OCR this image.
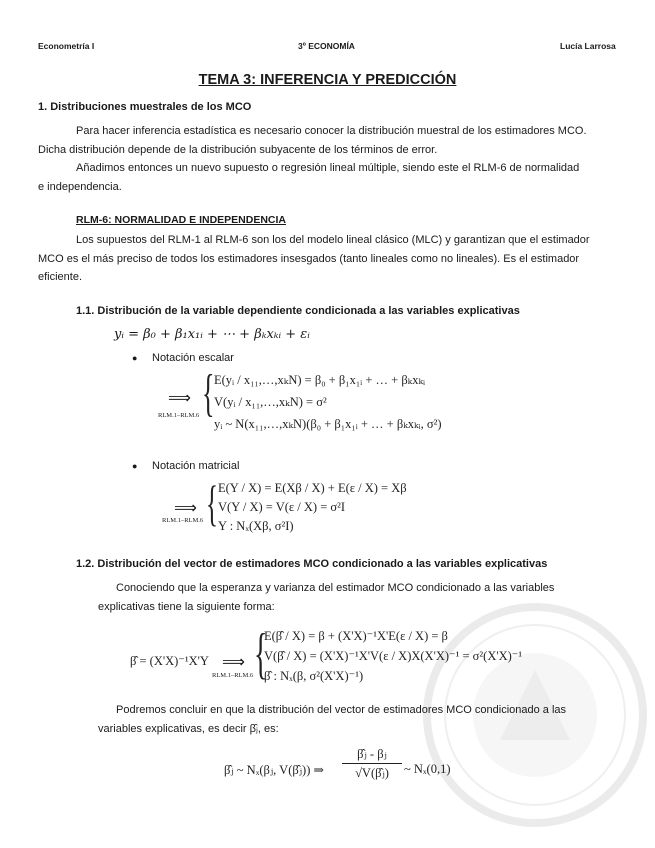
Econometría I	3º ECONOMÍA	Lucía Larrosa
TEMA 3: INFERENCIA Y PREDICCIÓN
1. Distribuciones muestrales de los MCO
Para hacer inferencia estadística es necesario conocer la distribución muestral de los estimadores MCO.
Dicha distribución depende de la distribución subyacente de los términos de error.
Añadimos entonces un nuevo supuesto o regresión lineal múltiple, siendo este el RLM-6 de normalidad
e independencia.
RLM-6: NORMALIDAD E INDEPENDENCIA
Los supuestos del RLM-1 al RLM-6 son los del modelo lineal clásico (MLC) y garantizan que el estimador
MCO es el más preciso de todos los estimadores insesgados (tanto lineales como no lineales). Es el estimador
eficiente.
1.1. Distribución de la variable dependiente condicionada a las variables explicativas
yᵢ = β₀ + β₁x₁ᵢ + ⋯ + βₖxₖᵢ + εᵢ
● Notación escalar
⟹
RLM.1–RLM.6 { E(yᵢ / x₁₁,…,xₖN) = β₀ + β₁x₁ᵢ + … + βₖxₖᵢ
V(yᵢ / x₁₁,…,xₖN) = σ²
yᵢ ~ N(x₁₁,…,xₖN)(β₀ + β₁x₁ᵢ + … + βₖxₖᵢ, σ²)
● Notación matricial
⟹
RLM.1–RLM.6 { E(Y / X) = E(Xβ / X) + E(ε / X) = Xβ
V(Y / X) = V(ε / X) = σ²I
Y : Nₓ(Xβ, σ²I)
1.2. Distribución del vector de estimadores MCO condicionado a las variables explicativas
Conociendo que la esperanza y varianza del estimador MCO condicionado a las variables
explicativas tiene la siguiente forma:
β̂ = (X'X)⁻¹X'Y ⟹
RLM.1–RLM.6 {
E(β̂ / X) = β + (X'X)⁻¹X'E(ε / X) = β
V(β̂ / X) = (X'X)⁻¹X'V(ε / X)X(X'X)⁻¹ = σ²(X'X)⁻¹
β̂ : Nₓ(β, σ²(X'X)⁻¹)
Podremos concluir en que la distribución del vector de estimadores MCO condicionado a las
variables explicativas, es decir β̂ⱼ, es:
β̂ⱼ ~ Nₓ(βⱼ, V(β̂ⱼ)) ⇒
β̂ⱼ - βⱼ
√V(β̂ⱼ)	~ Nₓ(0,1)
